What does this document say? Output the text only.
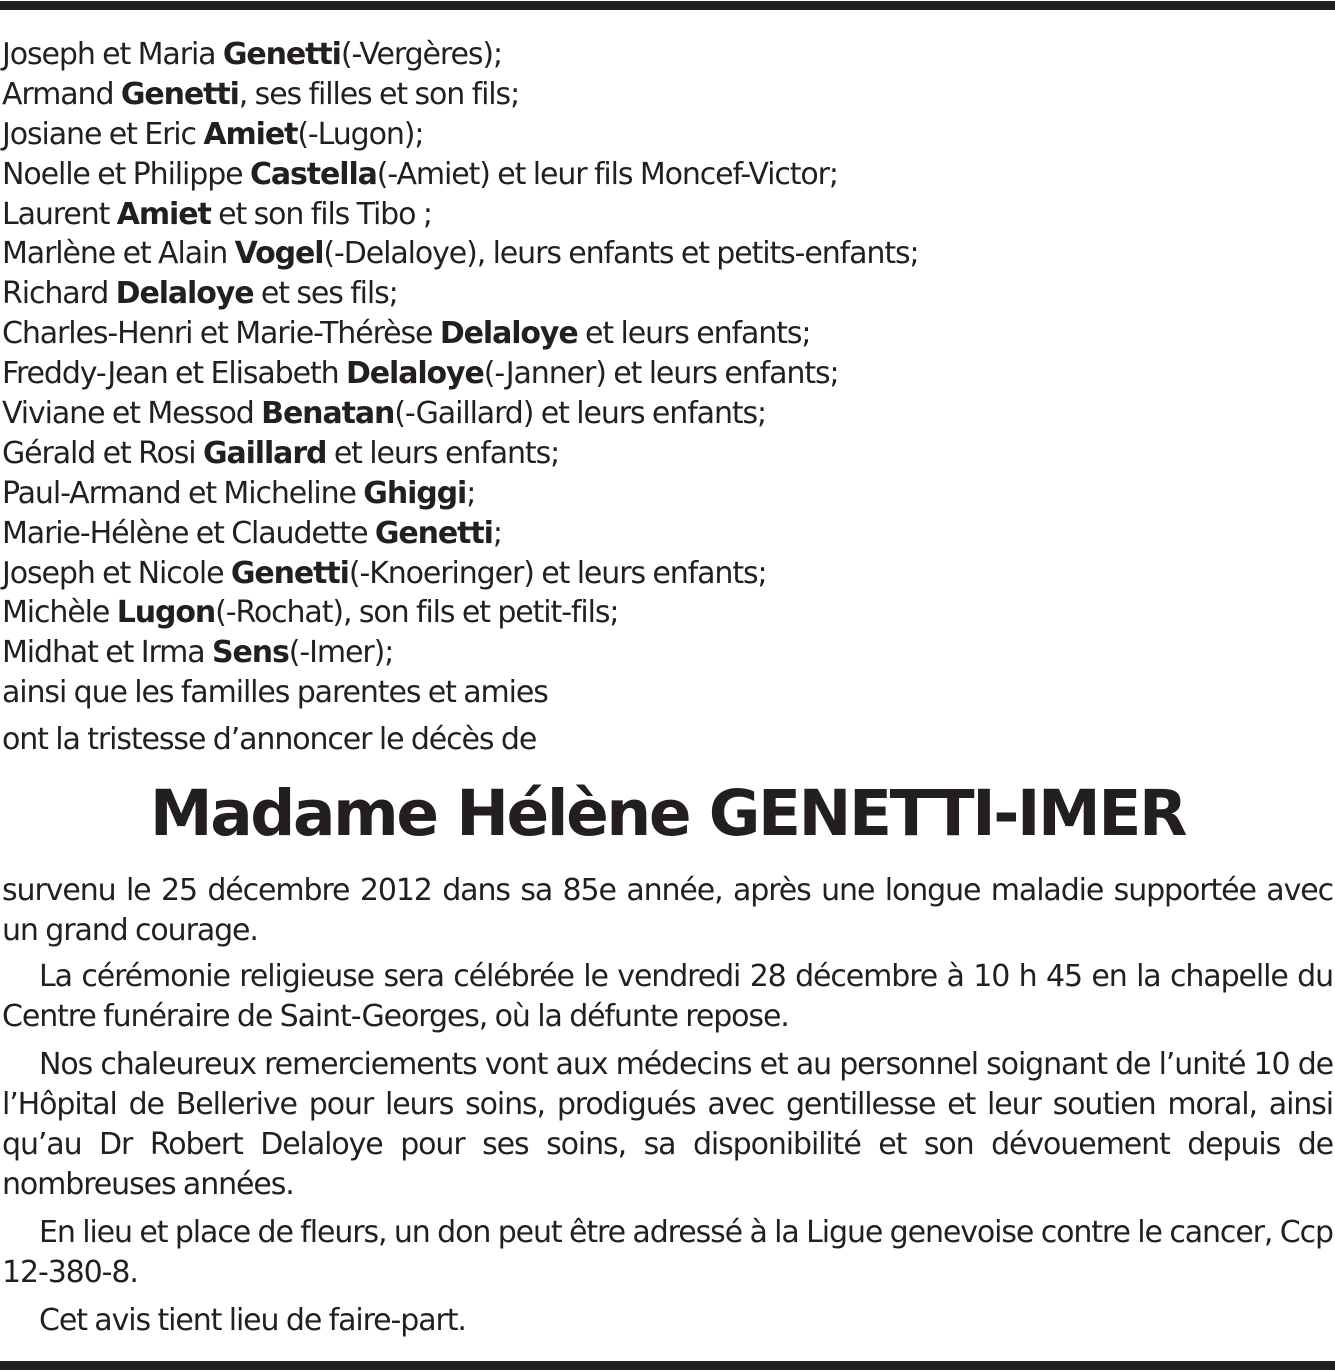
Joseph et Maria Genetti(-Vergères);
Armand Genetti, ses filles et son fils;
Josiane et Eric Amiet(-Lugon);
Noelle et Philippe Castella(-Amiet) et leur fils Moncef-Victor;
Laurent Amiet et son fils Tibo ;
Marlène et Alain Vogel(-Delaloye), leurs enfants et petits-enfants;
Richard Delaloye et ses fils;
Charles-Henri et Marie-Thérèse Delaloye et leurs enfants;
Freddy-Jean et Elisabeth Delaloye(-Janner) et leurs enfants;
Viviane et Messod Benatan(-Gaillard) et leurs enfants;
Gérald et Rosi Gaillard et leurs enfants;
Paul-Armand et Micheline Ghiggi;
Marie-Hélène et Claudette Genetti;
Joseph et Nicole Genetti(-Knoeringer) et leurs enfants;
Michèle Lugon(-Rochat), son fils et petit-fils;
Midhat et Irma Sens(-Imer);
ainsi que les familles parentes et amies
ont la tristesse d’annoncer le décès de
Madame Hélène GENETTI-IMER

survenu le 25 décembre 2012 dans sa 85e année, après une longue maladie supportée avec un grand courage.

La cérémonie religieuse sera célébrée le vendredi 28 décembre à 10 h 45 en la chapelle du Centre funéraire de Saint-Georges, où la défunte repose.

Nos chaleureux remerciements vont aux médecins et au personnel soignant de l’unité 10 de l’Hôpital de Bellerive pour leurs soins, prodigués avec gentillesse et leur soutien moral, ainsi qu’au Dr Robert Delaloye pour ses soins, sa disponibilité et son dévouement depuis de nombreuses années.

En lieu et place de fleurs, un don peut être adressé à la Ligue genevoise contre le cancer, Ccp 12-380-8.

Cet avis tient lieu de faire-part.
